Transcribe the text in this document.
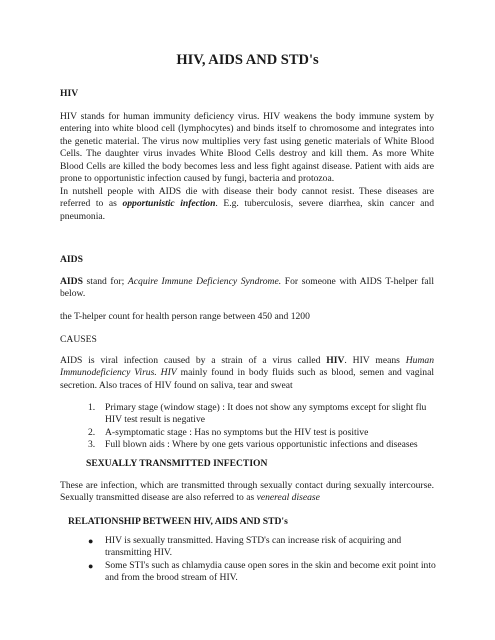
HIV, AIDS AND STD's
HIV
HIV stands for human immunity deficiency virus. HIV weakens the body immune system by entering into white blood cell (lymphocytes) and binds itself to chromosome and integrates into the genetic material. The virus now multiplies very fast using genetic materials of White Blood Cells. The daughter virus invades White Blood Cells destroy and kill them. As more White Blood Cells are killed the body becomes less and less fight against disease. Patient with aids are prone to opportunistic infection caused by fungi, bacteria and protozoa.
In nutshell people with AIDS die with disease their body cannot resist. These diseases are referred to as opportunistic infection. E.g. tuberculosis, severe diarrhea, skin cancer and pneumonia.
AIDS
AIDS stand for; Acquire Immune Deficiency Syndrome. For someone with AIDS T-helper fall below.
the T-helper count for health person range between 450 and 1200
CAUSES
AIDS is viral infection caused by a strain of a virus called HIV. HIV means Human Immunodeficiency Virus. HIV mainly found in body fluids such as blood, semen and vaginal secretion. Also traces of HIV found on saliva, tear and sweat
1. Primary stage (window stage) : It does not show any symptoms except for slight flu HIV test result is negative
2. A-symptomatic stage : Has no symptoms but the HIV test is positive
3. Full blown aids : Where by one gets various opportunistic infections and diseases
SEXUALLY TRANSMITTED INFECTION
These are infection, which are transmitted through sexually contact during sexually intercourse. Sexually transmitted disease are also referred to as venereal disease
RELATIONSHIP BETWEEN HIV, AIDS AND STD's
● HIV is sexually transmitted. Having STD's can increase risk of acquiring and transmitting HIV.
● Some STI's such as chlamydia cause open sores in the skin and become exit point into and from the brood stream of HIV.
